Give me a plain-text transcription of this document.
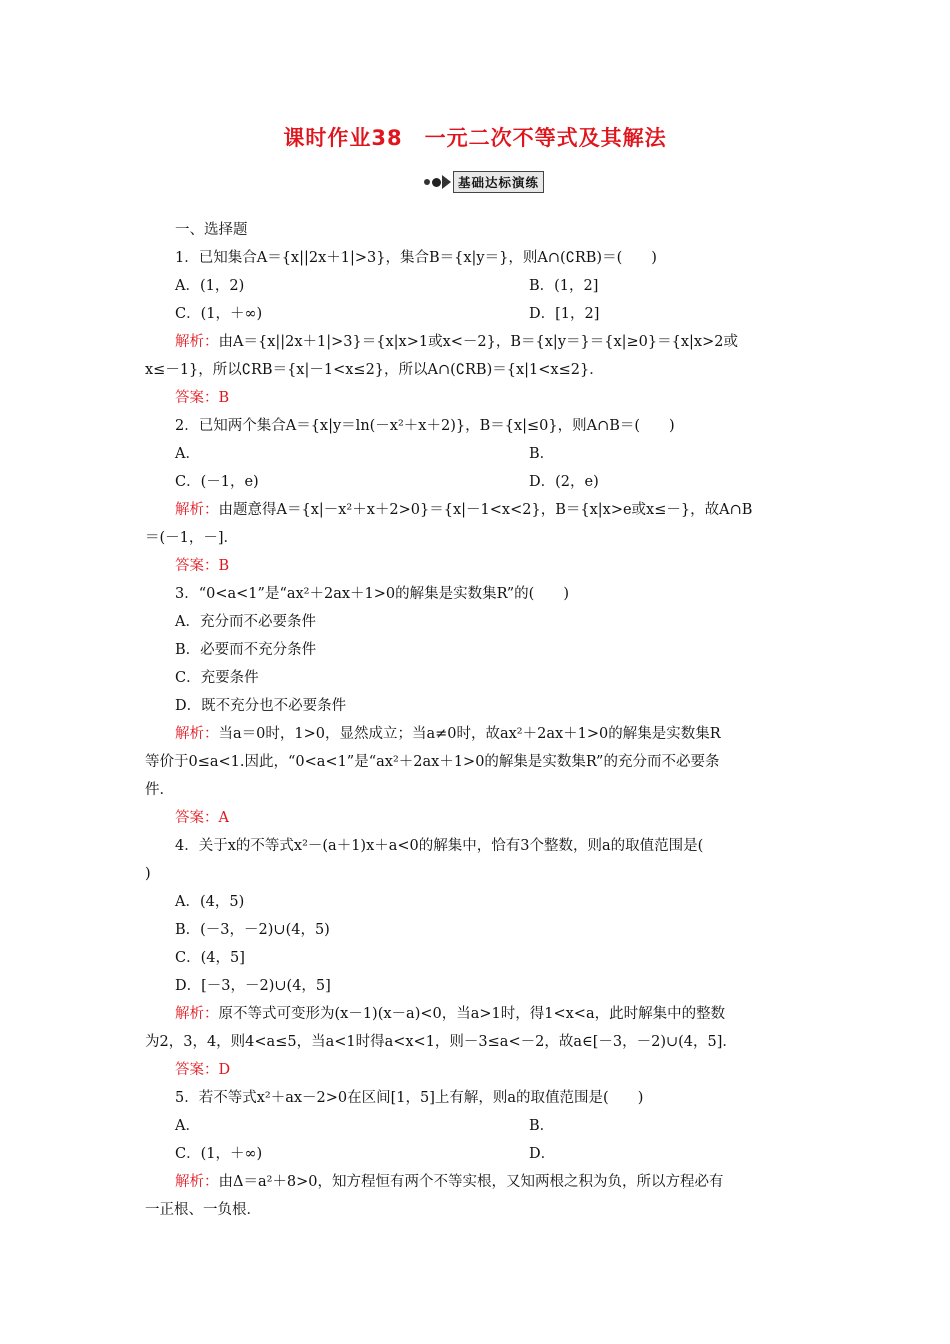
课时作业38　一元二次不等式及其解法
基础达标演练
一、选择题
1．已知集合A＝{x||2x＋1|>3}，集合B＝{x|y＝}，则A∩(∁RB)＝(　　)
A．(1，2)	B．(1，2]
C．(1，＋∞)	D．[1，2]
解析：由A＝{x||2x＋1|>3}＝{x|x>1或x<－2}，B＝{x|y＝}＝{x|≥0}＝{x|x>2或
x≤－1}，所以∁RB＝{x|－1<x≤2}，所以A∩(∁RB)＝{x|1<x≤2}．
答案：B
2．已知两个集合A＝{x|y＝ln(－x²＋x＋2)}，B＝{x|≤0}，则A∩B＝(　　)
A．	B．
C．(－1，e)	D．(2，e)
解析：由题意得A＝{x|－x²＋x＋2>0}＝{x|－1<x<2}，B＝{x|x>e或x≤－}，故A∩B
＝(－1，－]．
答案：B
3．“0<a<1”是“ax²＋2ax＋1>0的解集是实数集R”的(　　)
A．充分而不必要条件
B．必要而不充分条件
C．充要条件
D．既不充分也不必要条件
解析：当a＝0时，1>0，显然成立；当a≠0时，故ax²＋2ax＋1>0的解集是实数集R
等价于0≤a<1.因此，“0<a<1”是“ax²＋2ax＋1>0的解集是实数集R”的充分而不必要条
件．
答案：A
4．关于x的不等式x²－(a＋1)x＋a<0的解集中，恰有3个整数，则a的取值范围是(
)
A．(4，5)
B．(－3，－2)∪(4，5)
C．(4，5]
D．[－3，－2)∪(4，5]
解析：原不等式可变形为(x－1)(x－a)<0，当a>1时，得1<x<a，此时解集中的整数
为2，3，4，则4<a≤5，当a<1时得a<x<1，则－3≤a<－2，故a∈[－3，－2)∪(4，5]．
答案：D
5．若不等式x²＋ax－2>0在区间[1，5]上有解，则a的取值范围是(　　)
A．	B．
C．(1，＋∞)	D．
解析：由Δ＝a²＋8>0，知方程恒有两个不等实根，又知两根之积为负，所以方程必有
一正根、一负根．
